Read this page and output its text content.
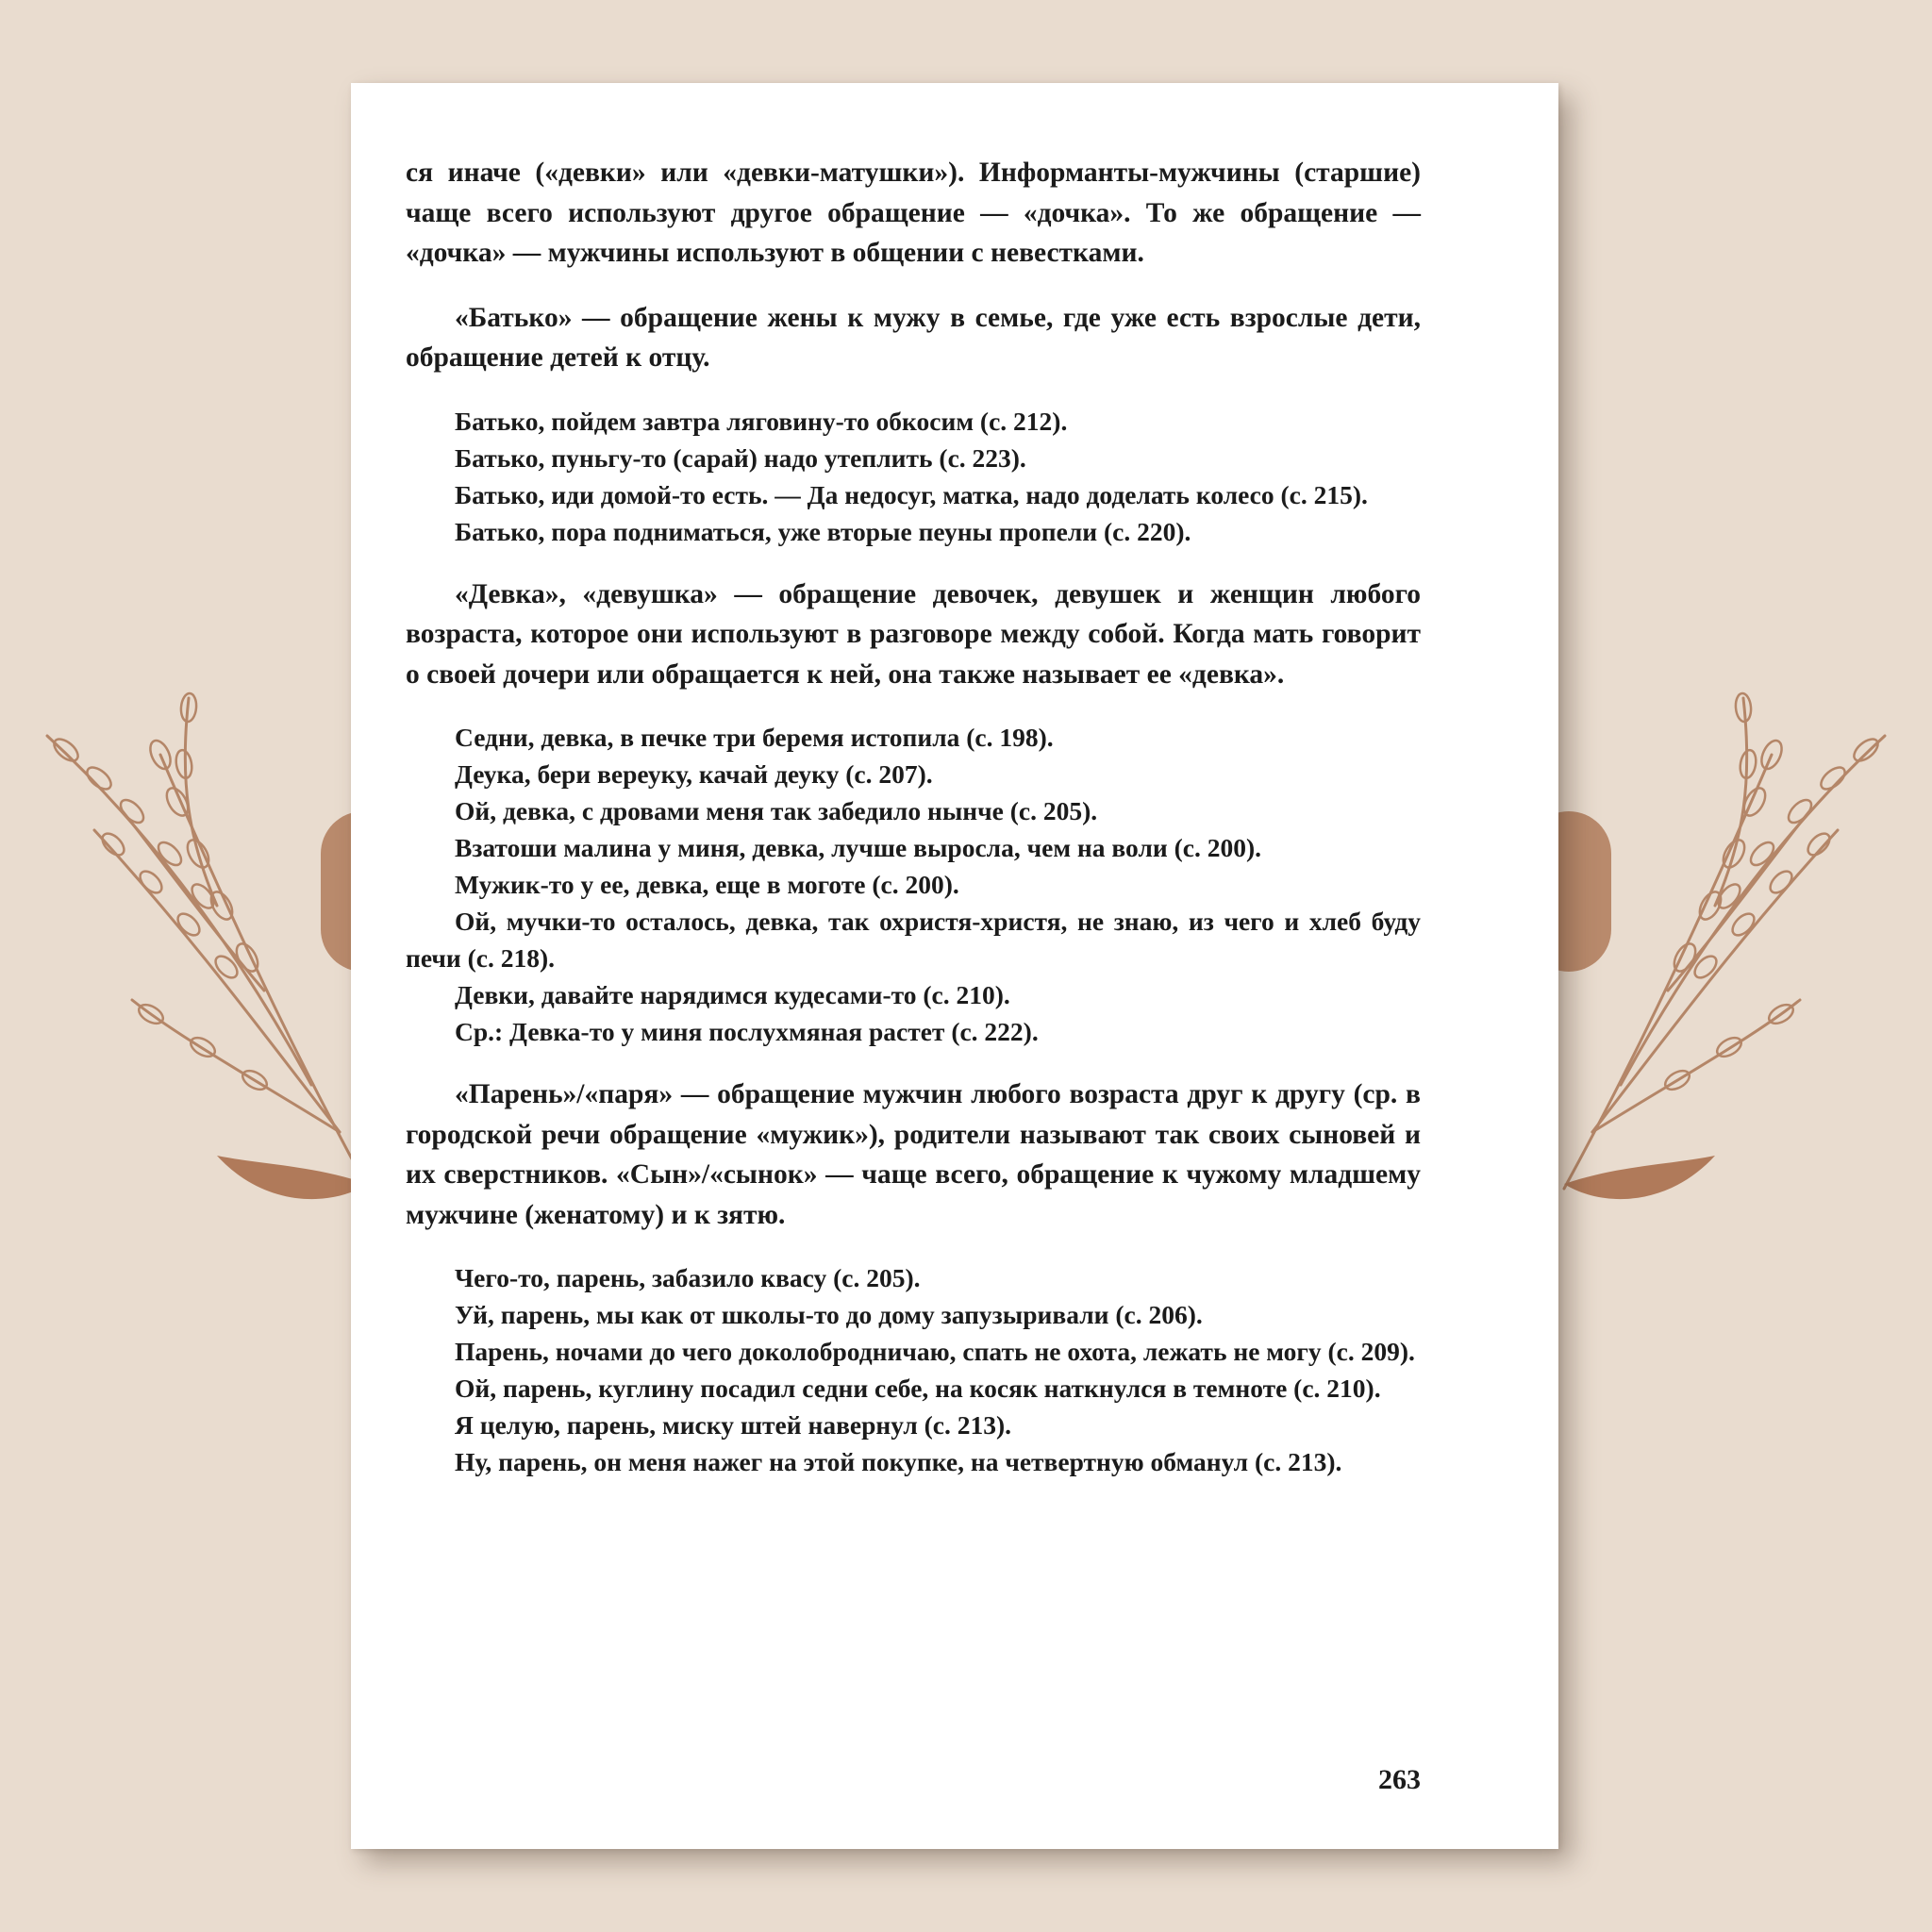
ся иначе («девки» или «девки-матушки»). Информанты-мужчины (старшие) чаще всего используют другое обращение — «дочка». То же обращение — «дочка» — мужчины используют в общении с невестками.

«Батько» — обращение жены к мужу в семье, где уже есть взрослые дети, обращение детей к отцу.

Батько, пойдем завтра ляговину-то обкосим (с. 212).

Батько, пуньгу-то (сарай) надо утеплить (с. 223).

Батько, иди домой-то есть. — Да недосуг, матка, надо доделать колесо (с. 215).

Батько, пора подниматься, уже вторые пеуны пропели (с. 220).

«Девка», «девушка» — обращение девочек, девушек и женщин любого возраста, которое они используют в разговоре между собой. Когда мать говорит о своей дочери или обращается к ней, она также называет ее «девка».

Седни, девка, в печке три беремя истопила (с. 198).

Деука, бери вереуку, качай деуку (с. 207).

Ой, девка, с дровами меня так забедило нынче (с. 205).

Взатоши малина у миня, девка, лучше выросла, чем на воли (с. 200).

Мужик-то у ее, девка, еще в моготе (с. 200).

Ой, мучки-то осталось, девка, так охристя-христя, не знаю, из чего и хлеб буду печи (с. 218).

Девки, давайте нарядимся кудесами-то (с. 210).

Ср.: Девка-то у миня послухмяная растет (с. 222).

«Парень»/«паря» — обращение мужчин любого возраста друг к другу (ср. в городской речи обращение «мужик»), родители называют так своих сыновей и их сверстников. «Сын»/«сынок» — чаще всего, обращение к чужому младшему мужчине (женатому) и к зятю.

Чего-то, парень, забазило квасу (с. 205).

Уй, парень, мы как от школы-то до дому запузыривали (с. 206).

Парень, ночами до чего доколобродничаю, спать не охота, лежать не могу (с. 209).

Ой, парень, куглину посадил седни себе, на косяк наткнулся в темноте (с. 210).

Я целую, парень, миску штей навернул (с. 213).

Ну, парень, он меня нажег на этой покупке, на четвертную обманул (с. 213).

263
